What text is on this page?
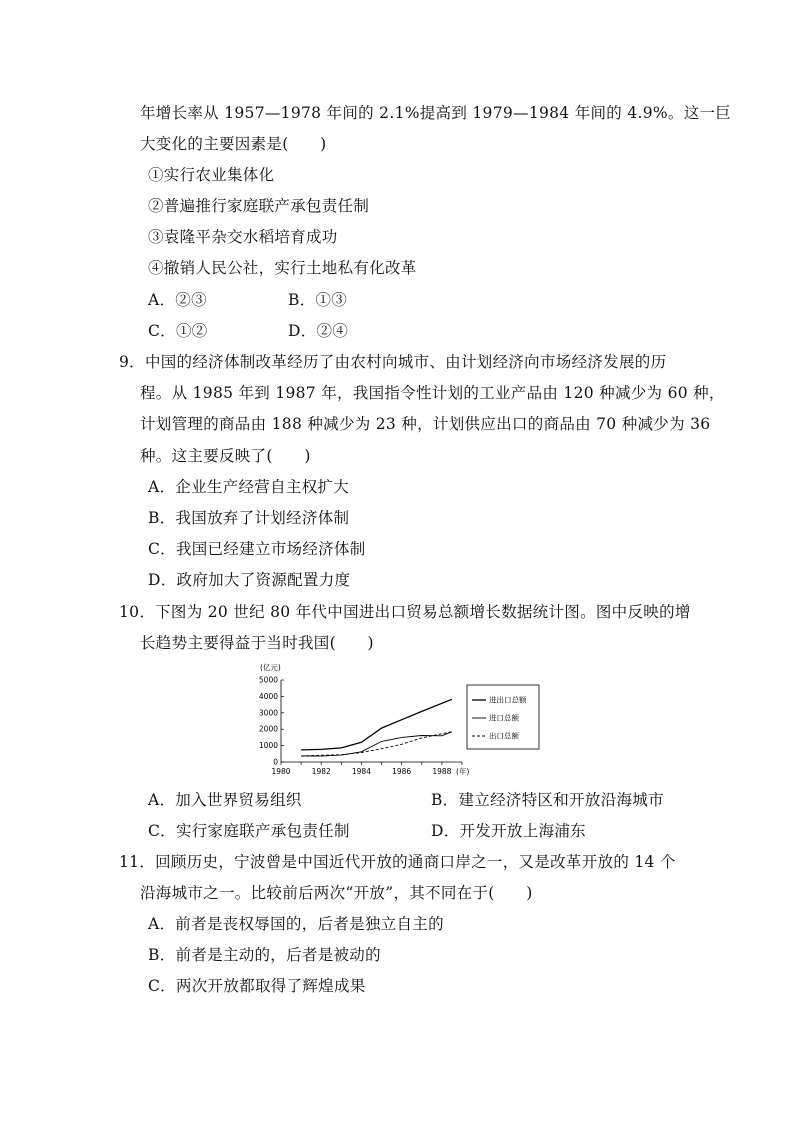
年增长率从 1957—1978 年间的 2.1%提高到 1979—1984 年间的 4.9%。这一巨
大变化的主要因素是(　　)
①实行农业集体化
②普遍推行家庭联产承包责任制
③袁隆平杂交水稻培育成功
④撤销人民公社，实行土地私有化改革
A．②③	B．①③
C．①②	D．②④
9．中国的经济体制改革经历了由农村向城市、由计划经济向市场经济发展的历
程。从 1985 年到 1987 年，我国指令性计划的工业产品由 120 种减少为 60 种，
计划管理的商品由 188 种减少为 23 种，计划供应出口的商品由 70 种减少为 36
种。这主要反映了(　　)
A．企业生产经营自主权扩大
B．我国放弃了计划经济体制
C．我国已经建立市场经济体制
D．政府加大了资源配置力度
10．下图为 20 世纪 80 年代中国进出口贸易总额增长数据统计图。图中反映的增
长趋势主要得益于当时我国(　　)
0
1000
2000
3000
4000
5000
1980	1982	1984	1986	1988
(亿元)
(年)
进出口总额
进口总额
出口总额
A．加入世界贸易组织	B．建立经济特区和开放沿海城市
C．实行家庭联产承包责任制	D．开发开放上海浦东
11．回顾历史，宁波曾是中国近代开放的通商口岸之一，又是改革开放的 14 个
沿海城市之一。比较前后两次“开放”，其不同在于(　　)
A．前者是丧权辱国的，后者是独立自主的
B．前者是主动的，后者是被动的
C．两次开放都取得了辉煌成果
